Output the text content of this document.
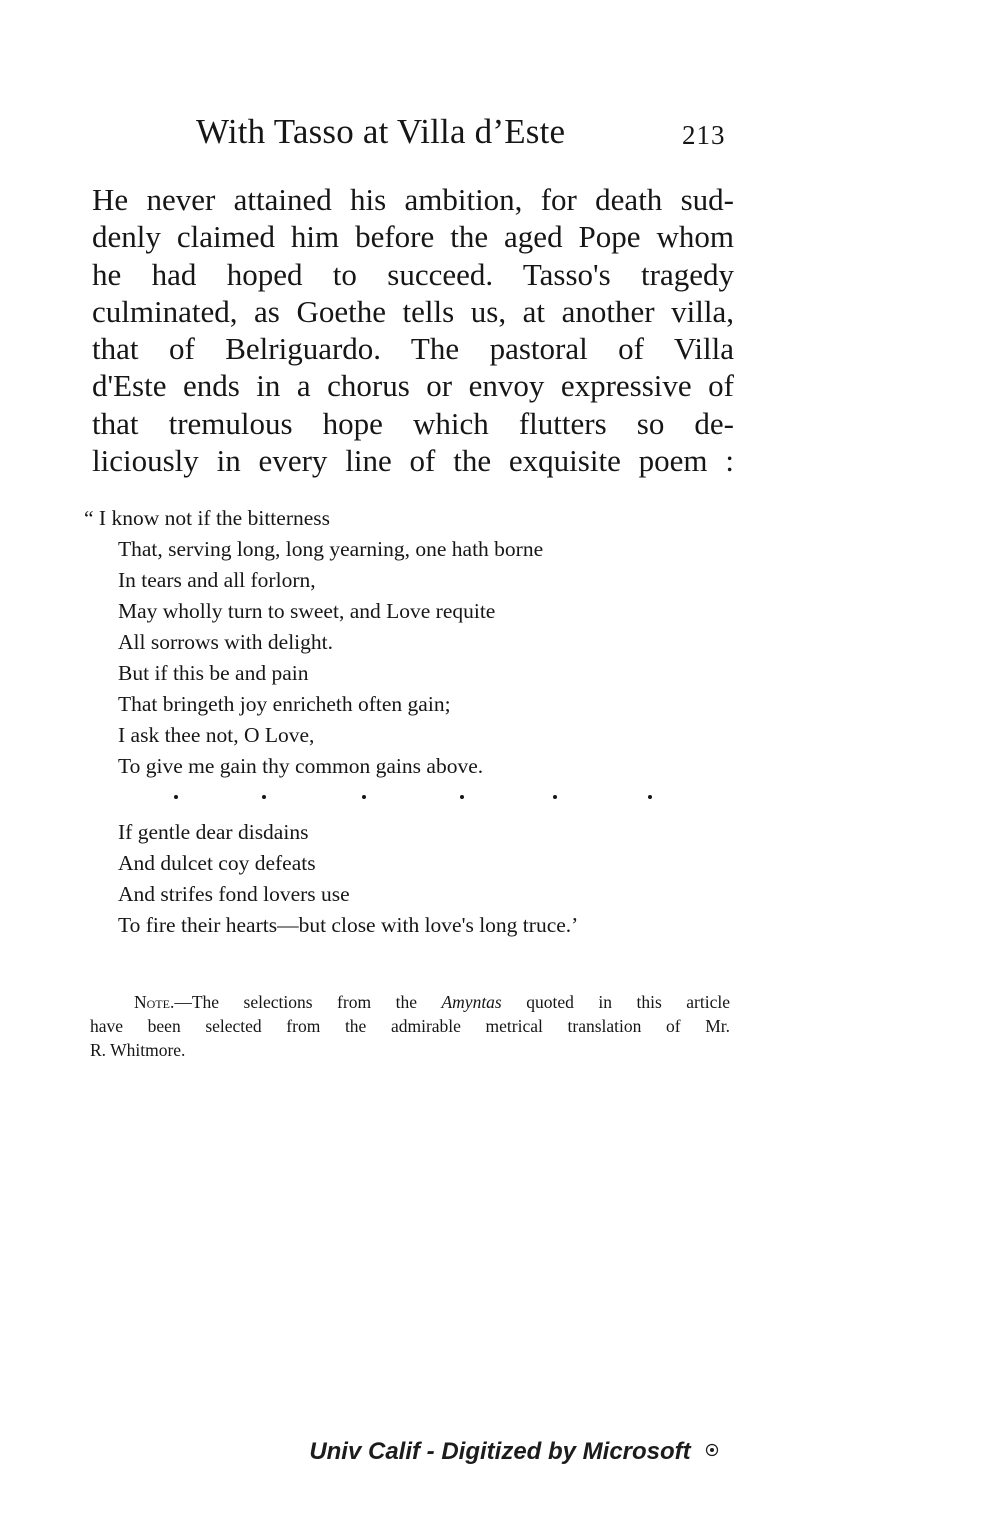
With Tasso at Villa d’Este	213
He never attained his ambition, for death sud-
denly claimed him before the aged Pope whom
he had hoped to succeed. Tasso's tragedy
culminated, as Goethe tells us, at another villa,
that of Belriguardo. The pastoral of Villa
d'Este ends in a chorus or envoy expressive of
that tremulous hope which flutters so de-
liciously in every line of the exquisite poem :
“ I know not if the bitterness
That, serving long, long yearning, one hath borne
In tears and all forlorn,
May wholly turn to sweet, and Love requite
All sorrows with delight.
But if this be and pain
That bringeth joy enricheth often gain;
I ask thee not, O Love,
To give me gain thy common gains above.
If gentle dear disdains
And dulcet coy defeats
And strifes fond lovers use
To fire their hearts—but close with love's long truce.’
Note.—The selections from the Amyntas quoted in this article
have been selected from the admirable metrical translation of Mr.
R. Whitmore.
Univ Calif - Digitized by Microsoft
